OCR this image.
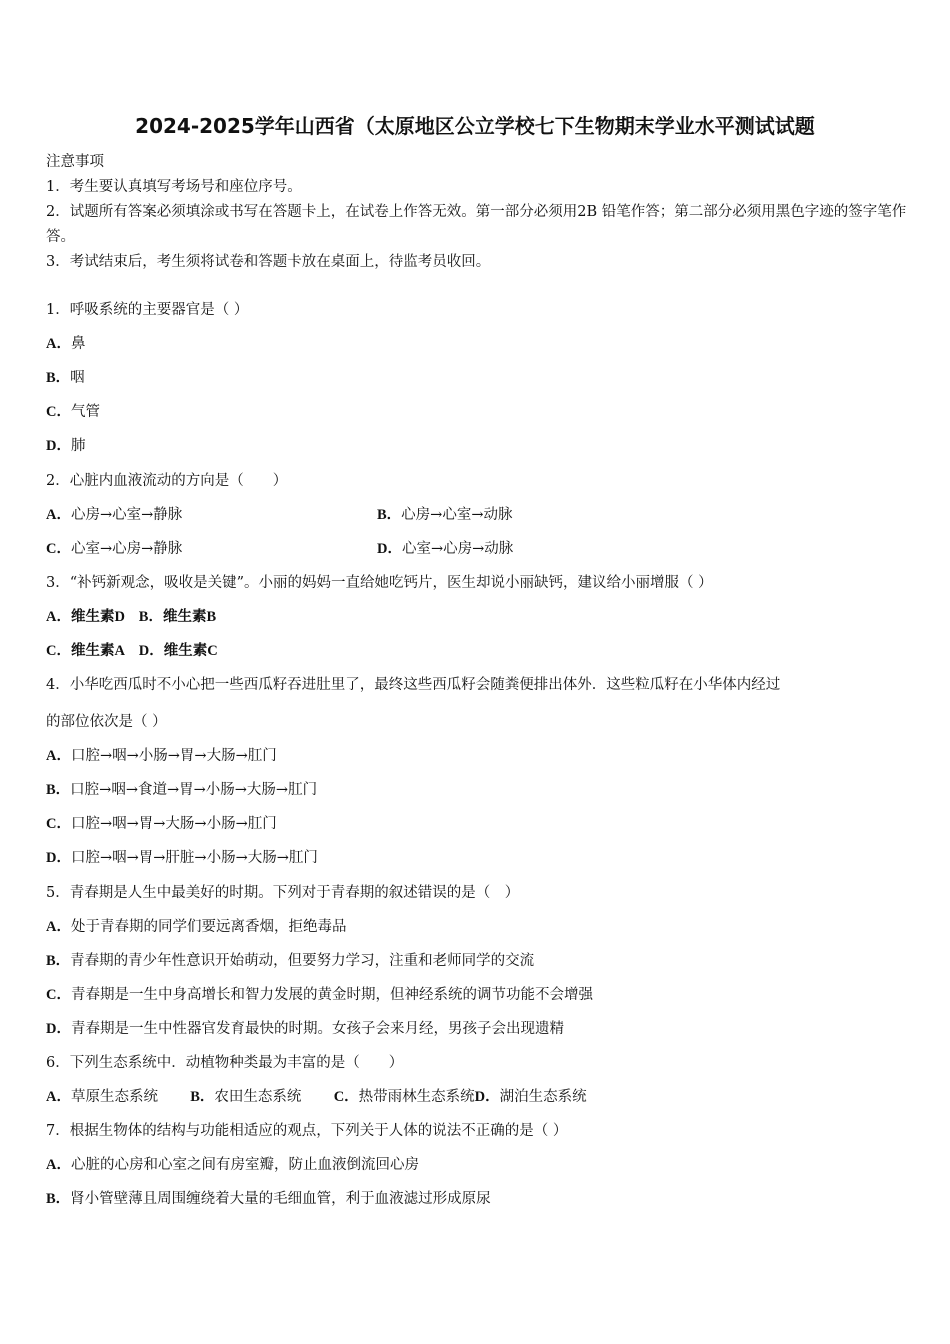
2024-2025学年山西省（太原地区公立学校七下生物期末学业水平测试试题

注意事项

1．考生要认真填写考场号和座位序号。

2．试题所有答案必须填涂或书写在答题卡上，在试卷上作答无效。第一部分必须用2B 铅笔作答；第二部分必须用黑色字迹的签字笔作答。

3．考试结束后，考生须将试卷和答题卡放在桌面上，待监考员收回。

1．呼吸系统的主要器官是（ ）
A．鼻
B．咽
C．气管
D．肺
2．心脏内血液流动的方向是（　　）
A．心房→心室→静脉	B．心房→心室→动脉
C．心室→心房→静脉	D．心室→心房→动脉
3．“补钙新观念，吸收是关键”。小丽的妈妈一直给她吃钙片，医生却说小丽缺钙，建议给小丽增服（ ）
A．维生素D B．维生素B
C．维生素A D．维生素C
4．小华吃西瓜时不小心把一些西瓜籽吞进肚里了，最终这些西瓜籽会随粪便排出体外．这些粒瓜籽在小华体内经过
的部位依次是（ ）
A．口腔→咽→小肠→胃→大肠→肛门
B．口腔→咽→食道→胃→小肠→大肠→肛门
C．口腔→咽→胃→大肠→小肠→肛门
D．口腔→咽→胃→肝脏→小肠→大肠→肛门
5．青春期是人生中最美好的时期。下列对于青春期的叙述错误的是（　）
A．处于青春期的同学们要远离香烟，拒绝毒品
B．青春期的青少年性意识开始萌动，但要努力学习，注重和老师同学的交流
C．青春期是一生中身高增长和智力发展的黄金时期，但神经系统的调节功能不会增强
D．青春期是一生中性器官发育最快的时期。女孩子会来月经，男孩子会出现遗精
6．下列生态系统中．动植物种类最为丰富的是（　　）
A．草原生态系统 B．农田生态系统 C．热带雨林生态系统D．湖泊生态系统
7．根据生物体的结构与功能相适应的观点，下列关于人体的说法不正确的是（ ）
A．心脏的心房和心室之间有房室瓣，防止血液倒流回心房
B．肾小管壁薄且周围缠绕着大量的毛细血管，利于血液滤过形成原尿
